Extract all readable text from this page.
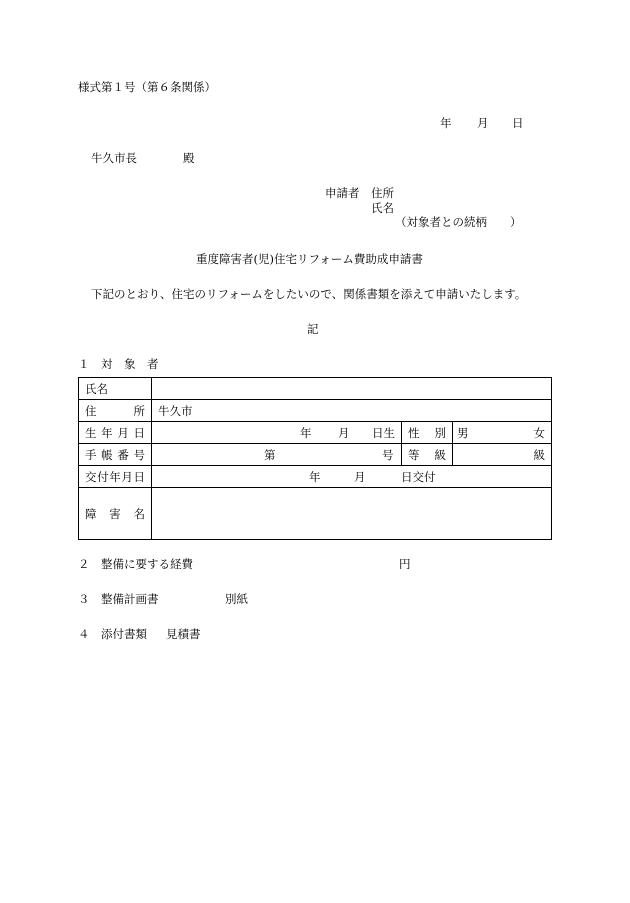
様式第１号（第６条関係）
年 月 日
牛久市長	殿
申請者 住所
氏名
（対象者との続柄　　）
重度障害者(児)住宅リフォーム費助成申請書
下記のとおり、住宅のリフォームをしたいので、関係書類を添えて申請いたします。
記
１　対　象　者
氏 名			

住 所	牛久市		

生 年 月 日	年 月 日生	性 別	男 女

手 帳 番 号	第 号	等 級	級

交 付 年 月 日	年 月 日交付		

障 害 名			

２　整備に要する経費	円
３　整備計画書	別紙
４　添付書類 見積書
